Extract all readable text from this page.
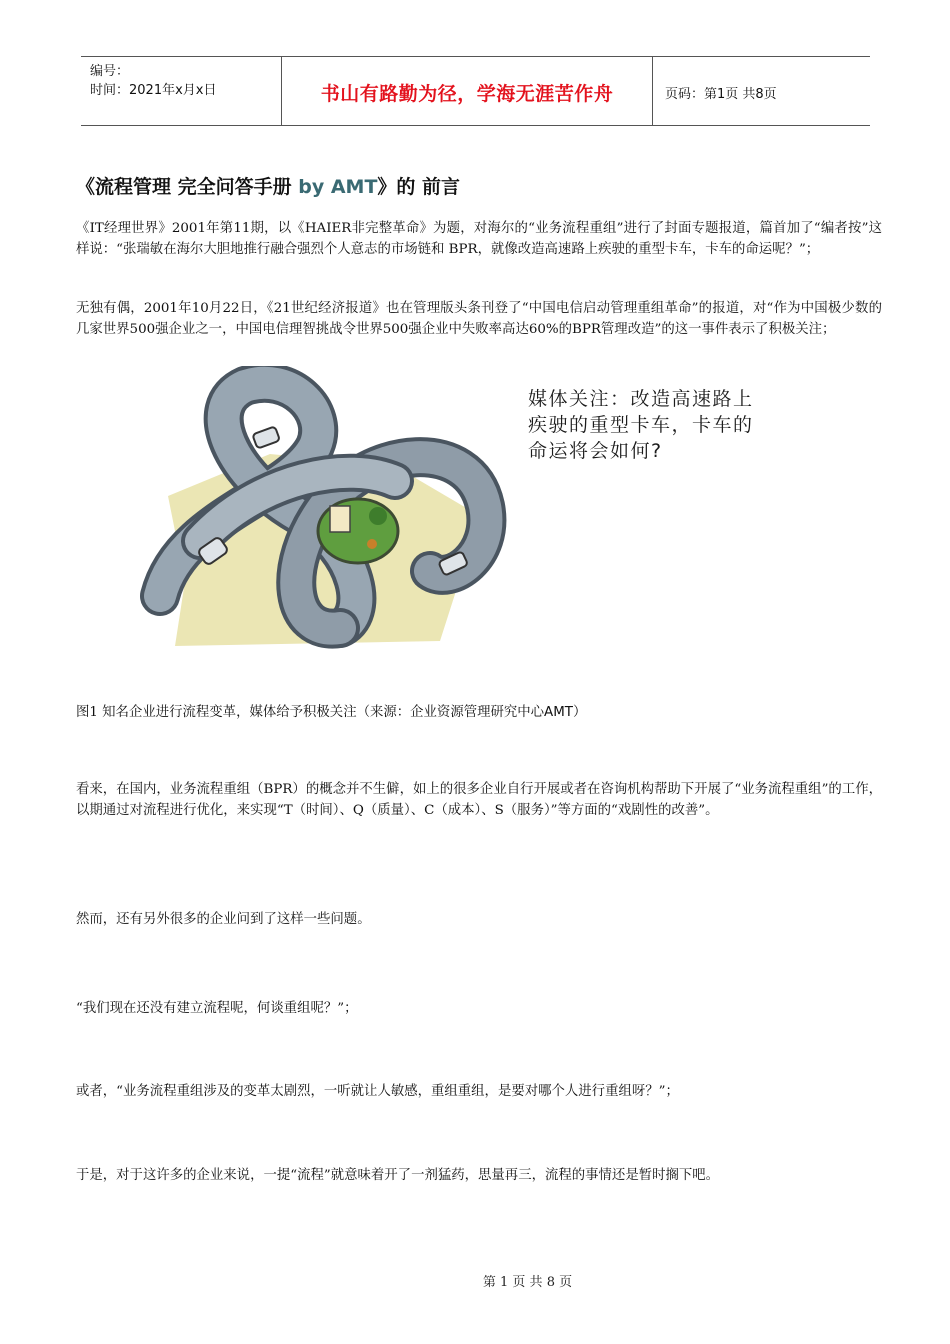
编号：
时间：2021年x月x日	书山有路勤为径，学海无涯苦作舟	页码：第1页 共8页
《流程管理 完全问答手册 by AMT》的 前言
《IT经理世界》2001年第11期，以《HAIER非完整革命》为题，对海尔的“业务流程重组”进行了封面专题报道，篇首加了“编者按”这样说：“张瑞敏在海尔大胆地推行融合强烈个人意志的市场链和 BPR，就像改造高速路上疾驶的重型卡车，卡车的命运呢？”；
无独有偶，2001年10月22日，《21世纪经济报道》也在管理版头条刊登了“中国电信启动管理重组革命”的报道，对“作为中国极少数的几家世界500强企业之一，中国电信理智挑战令世界500强企业中失败率高达60%的BPR管理改造”的这一事件表示了积极关注；
媒体关注：改造高速路上
疾驶的重型卡车，卡车的
命运将会如何?
图1 知名企业进行流程变革，媒体给予积极关注（来源：企业资源管理研究中心AMT）
看来，在国内，业务流程重组（BPR）的概念并不生僻，如上的很多企业自行开展或者在咨询机构帮助下开展了“业务流程重组”的工作，以期通过对流程进行优化，来实现“T（时间）、Q（质量）、C（成本）、S（服务）”等方面的“戏剧性的改善”。
然而，还有另外很多的企业问到了这样一些问题。
“我们现在还没有建立流程呢，何谈重组呢？”；
或者，“业务流程重组涉及的变革太剧烈，一听就让人敏感，重组重组，是要对哪个人进行重组呀？”；
于是，对于这许多的企业来说，一提“流程”就意味着开了一剂猛药，思量再三，流程的事情还是暂时搁下吧。
第 1 页 共 8 页
